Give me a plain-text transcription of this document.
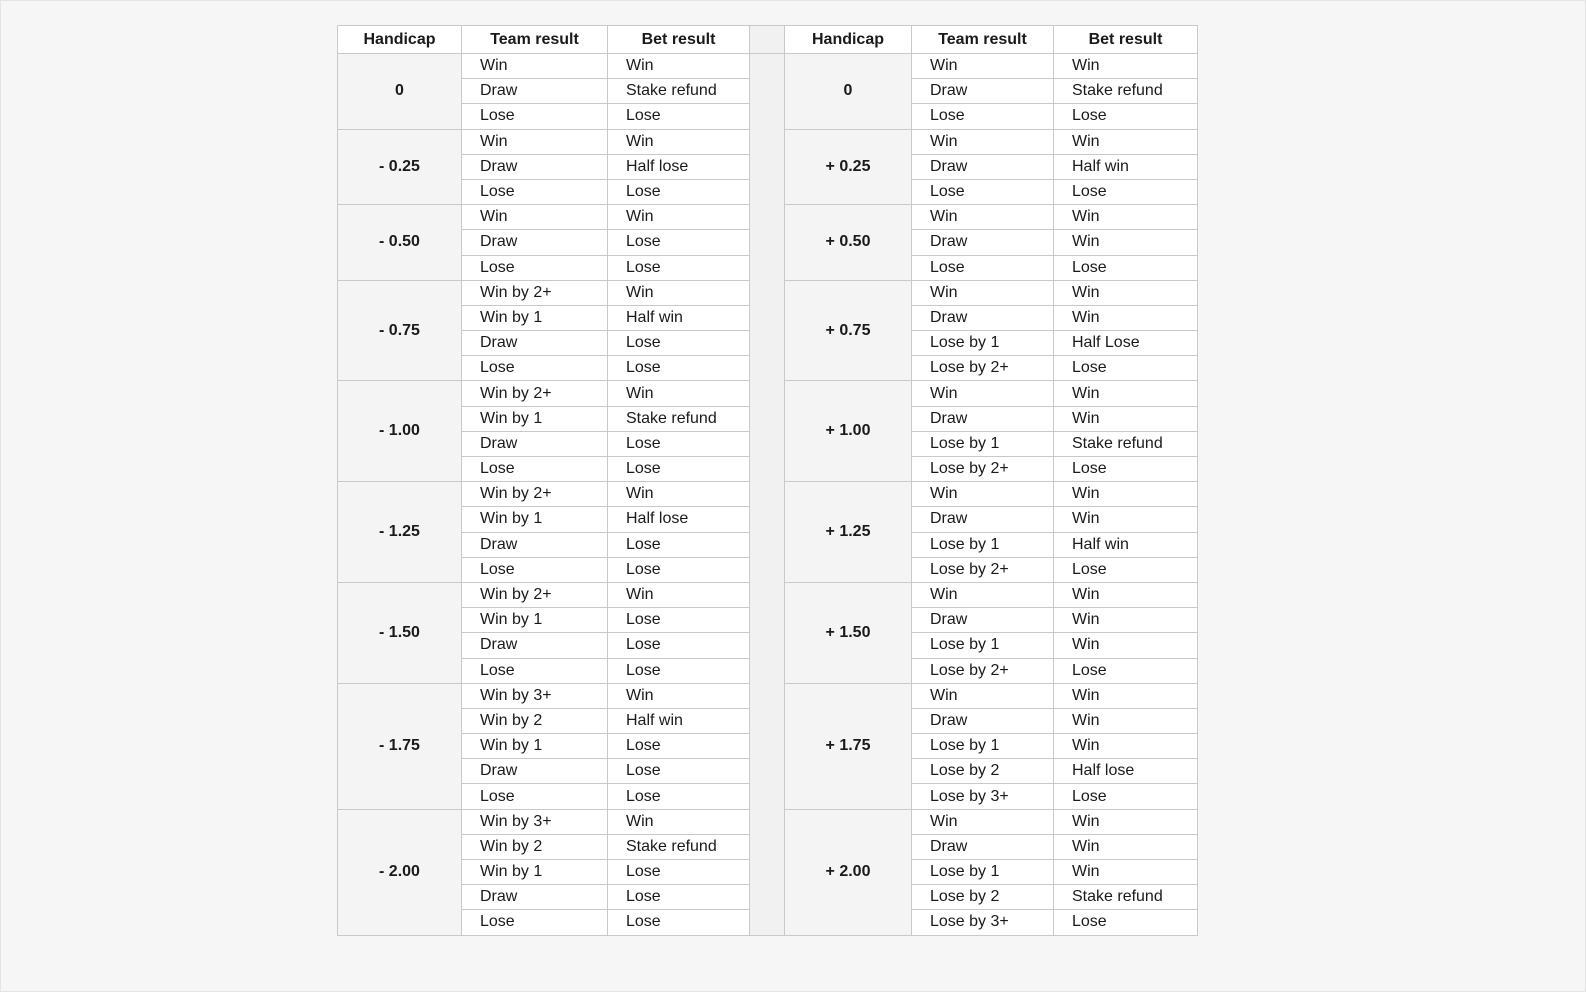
Handicap	Team result	Bet result		Handicap	Team result	Bet result
0	Win	Win		0	Win	Win
	Draw	Stake refund			Draw	Stake refund
	Lose	Lose			Lose	Lose
- 0.25	Win	Win		+ 0.25	Win	Win
	Draw	Half lose			Draw	Half win
	Lose	Lose			Lose	Lose
- 0.50	Win	Win		+ 0.50	Win	Win
	Draw	Lose			Draw	Win
	Lose	Lose			Lose	Lose
- 0.75	Win by 2+	Win		+ 0.75	Win	Win
	Win by 1	Half win			Draw	Win
	Draw	Lose			Lose by 1	Half Lose
	Lose	Lose			Lose by 2+	Lose
- 1.00	Win by 2+	Win		+ 1.00	Win	Win
	Win by 1	Stake refund			Draw	Win
	Draw	Lose			Lose by 1	Stake refund
	Lose	Lose			Lose by 2+	Lose
- 1.25	Win by 2+	Win		+ 1.25	Win	Win
	Win by 1	Half lose			Draw	Win
	Draw	Lose			Lose by 1	Half win
	Lose	Lose			Lose by 2+	Lose
- 1.50	Win by 2+	Win		+ 1.50	Win	Win
	Win by 1	Lose			Draw	Win
	Draw	Lose			Lose by 1	Win
	Lose	Lose			Lose by 2+	Lose
- 1.75	Win by 3+	Win		+ 1.75	Win	Win
	Win by 2	Half win			Draw	Win
	Win by 1	Lose			Lose by 1	Win
	Draw	Lose			Lose by 2	Half lose
	Lose	Lose			Lose by 3+	Lose
- 2.00	Win by 3+	Win		+ 2.00	Win	Win
	Win by 2	Stake refund			Draw	Win
	Win by 1	Lose			Lose by 1	Win
	Draw	Lose			Lose by 2	Stake refund
	Lose	Lose			Lose by 3+	Lose
